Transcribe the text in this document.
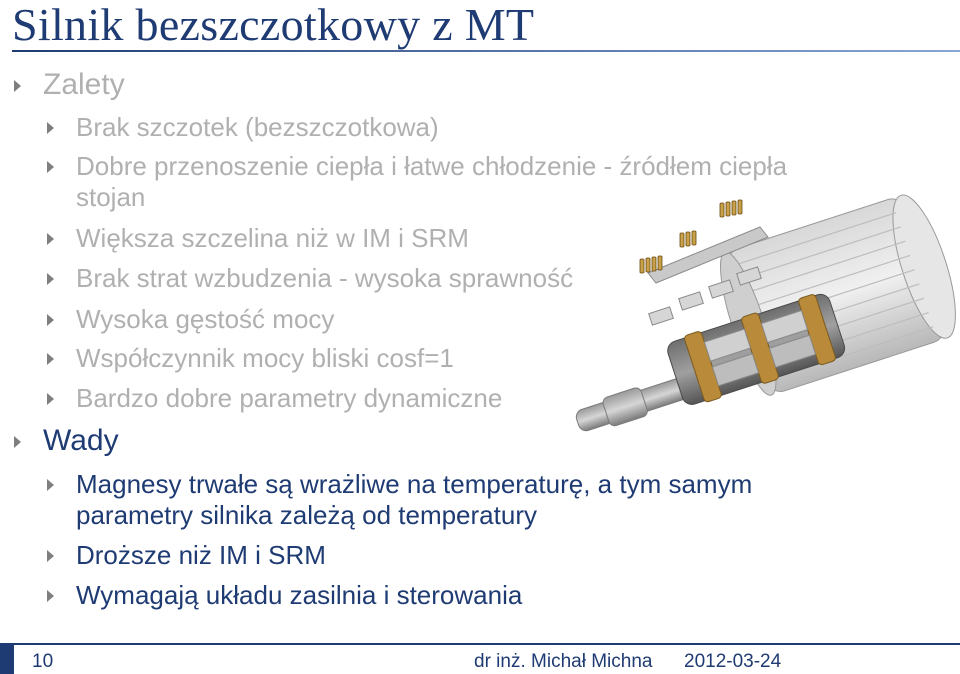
Silnik bezszczotkowy z MT
Zalety
Brak szczotek (bezszczotkowa)
Dobre przenoszenie ciepła i łatwe chłodzenie - źródłem ciepła
stojan
Większa szczelina niż w IM i SRM
Brak strat wzbudzenia - wysoka sprawność
Wysoka gęstość mocy
Współczynnik mocy bliski cosf=1
Bardzo dobre parametry dynamiczne
Wady
Magnesy trwałe są wrażliwe na temperaturę, a tym samym
parametry silnika zależą od temperatury
Droższe niż IM i SRM
Wymagają układu zasilnia i sterowania
10	dr inż. Michał Michna 2012-03-24
